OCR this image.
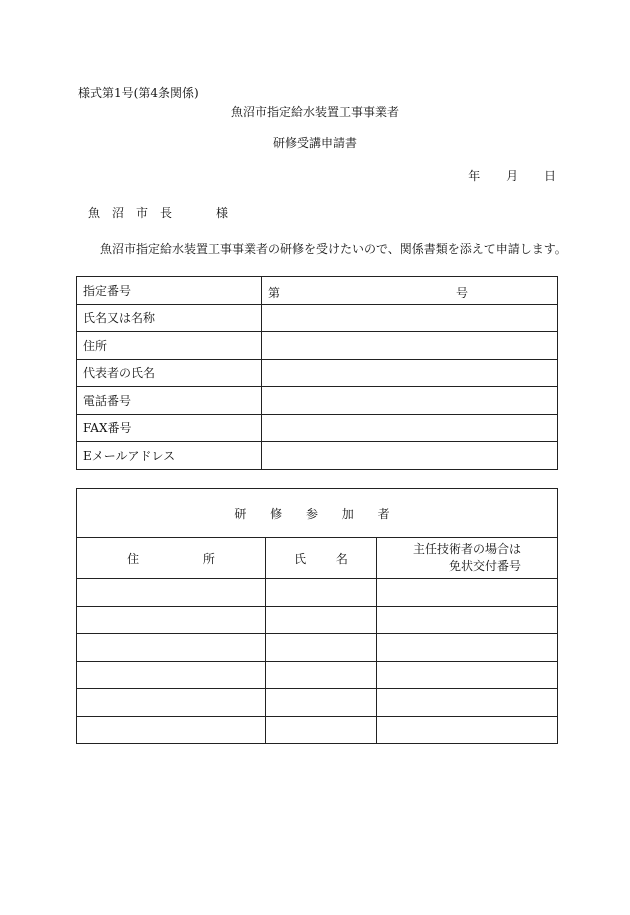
様式第1号(第4条関係)
魚沼市指定給水装置工事事業者
研修受講申請書
年 月 日
魚 沼 市 長	様
魚沼市指定給水装置工事事業者の研修を受けたいので、関係書類を添えて申請します。
指定番号	第 号

氏名又は名称	
住所	
代表者の氏名	
電話番号	
FAX番号	
Eメールアドレス	
研 修 参 加 者		
住 所	氏 名	主任技術者の場合は
免状交付番号
